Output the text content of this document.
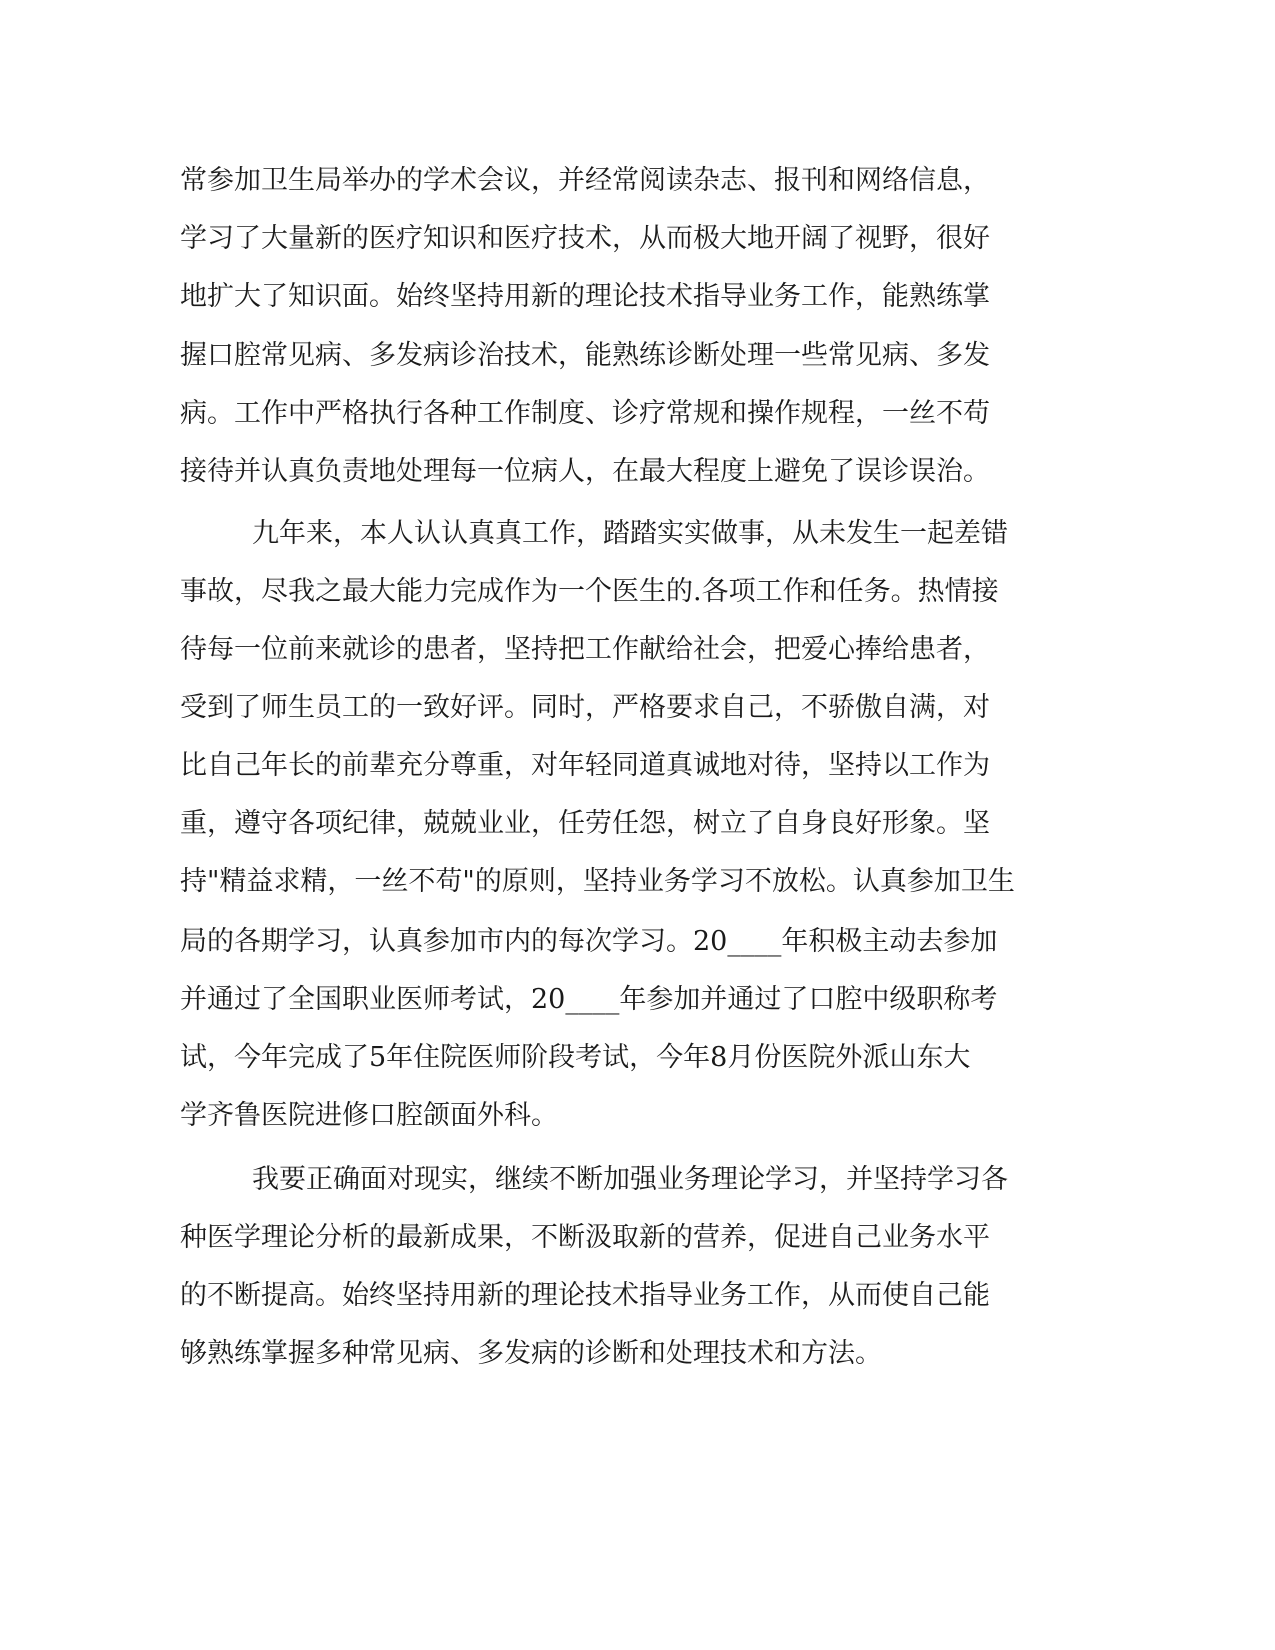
常参加卫生局举办的学术会议，并经常阅读杂志、报刊和网络信息，
学习了大量新的医疗知识和医疗技术，从而极大地开阔了视野，很好
地扩大了知识面。始终坚持用新的理论技术指导业务工作，能熟练掌
握口腔常见病、多发病诊治技术，能熟练诊断处理一些常见病、多发
病。工作中严格执行各种工作制度、诊疗常规和操作规程，一丝不苟
接待并认真负责地处理每一位病人，在最大程度上避免了误诊误治。
九年来，本人认认真真工作，踏踏实实做事，从未发生一起差错
事故，尽我之最大能力完成作为一个医生的.各项工作和任务。热情接
待每一位前来就诊的患者，坚持把工作献给社会，把爱心捧给患者，
受到了师生员工的一致好评。同时，严格要求自己，不骄傲自满，对
比自己年长的前辈充分尊重，对年轻同道真诚地对待，坚持以工作为
重，遵守各项纪律，兢兢业业，任劳任怨，树立了自身良好形象。坚
持"精益求精，一丝不苟"的原则，坚持业务学习不放松。认真参加卫生
局的各期学习，认真参加市内的每次学习。20____年积极主动去参加
并通过了全国职业医师考试，20____年参加并通过了口腔中级职称考
试，今年完成了5年住院医师阶段考试，今年8月份医院外派山东大
学齐鲁医院进修口腔颌面外科。
我要正确面对现实，继续不断加强业务理论学习，并坚持学习各
种医学理论分析的最新成果，不断汲取新的营养，促进自己业务水平
的不断提高。始终坚持用新的理论技术指导业务工作，从而使自己能
够熟练掌握多种常见病、多发病的诊断和处理技术和方法。
